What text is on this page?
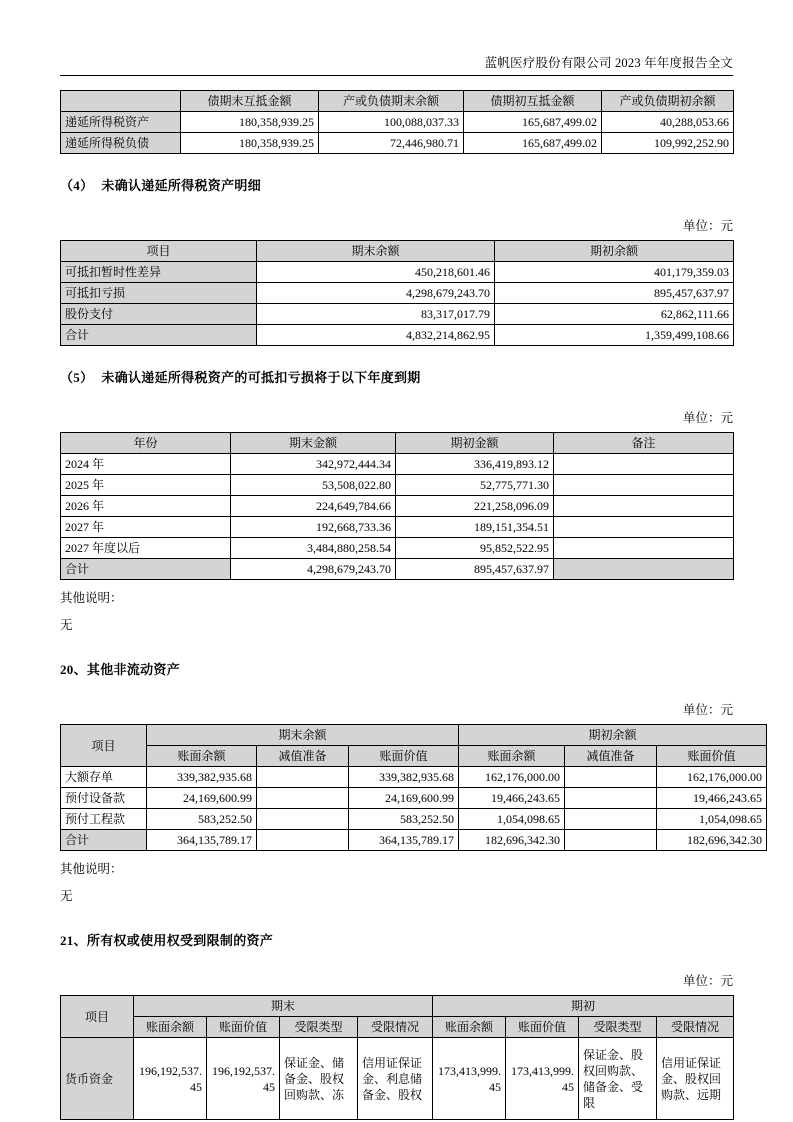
蓝帆医疗股份有限公司 2023 年年度报告全文
	债期末互抵金额	产或负债期末余额	债期初互抵金额	产或负债期初余额
递延所得税资产	180,358,939.25	100,088,037.33	165,687,499.02	40,288,053.66
递延所得税负债	180,358,939.25	72,446,980.71	165,687,499.02	109,992,252.90
（4） 未确认递延所得税资产明细
单位：元
项目	期末余额	期初余额
可抵扣暂时性差异	450,218,601.46	401,179,359.03
可抵扣亏损	4,298,679,243.70	895,457,637.97
股份支付	83,317,017.79	62,862,111.66
合计	4,832,214,862.95	1,359,499,108.66
（5） 未确认递延所得税资产的可抵扣亏损将于以下年度到期
单位：元
年份	期末金额	期初金额	备注
2024 年	342,972,444.34	336,419,893.12	
2025 年	53,508,022.80	52,775,771.30	
2026 年	224,649,784.66	221,258,096.09	
2027 年	192,668,733.36	189,151,354.51	
2027 年度以后	3,484,880,258.54	95,852,522.95	
合计	4,298,679,243.70	895,457,637.97	

其他说明：

无

20、其他非流动资产
单位：元
项目	期末余额			期初余额		
	账面余额	减值准备	账面价值	账面余额	减值准备	账面价值
大额存单	339,382,935.68		339,382,935.68	162,176,000.00		162,176,000.00
预付设备款	24,169,600.99		24,169,600.99	19,466,243.65		19,466,243.65
预付工程款	583,252.50		583,252.50	1,054,098.65		1,054,098.65
合计	364,135,789.17		364,135,789.17	182,696,342.30		182,696,342.30

其他说明：

无

21、所有权或使用权受到限制的资产
单位：元
项目	期末				期初			
	账面余额	账面价值	受限类型	受限情况	账面余额	账面价值	受限类型	受限情况
货币资金	196,192,537.45	196,192,537.45	保证金、储备金、股权回购款、冻	信用证保证金、利息储备金、股权	173,413,999.45	173,413,999.45	保证金、股权回购款、储备金、受限	信用证保证金、股权回购款、远期
